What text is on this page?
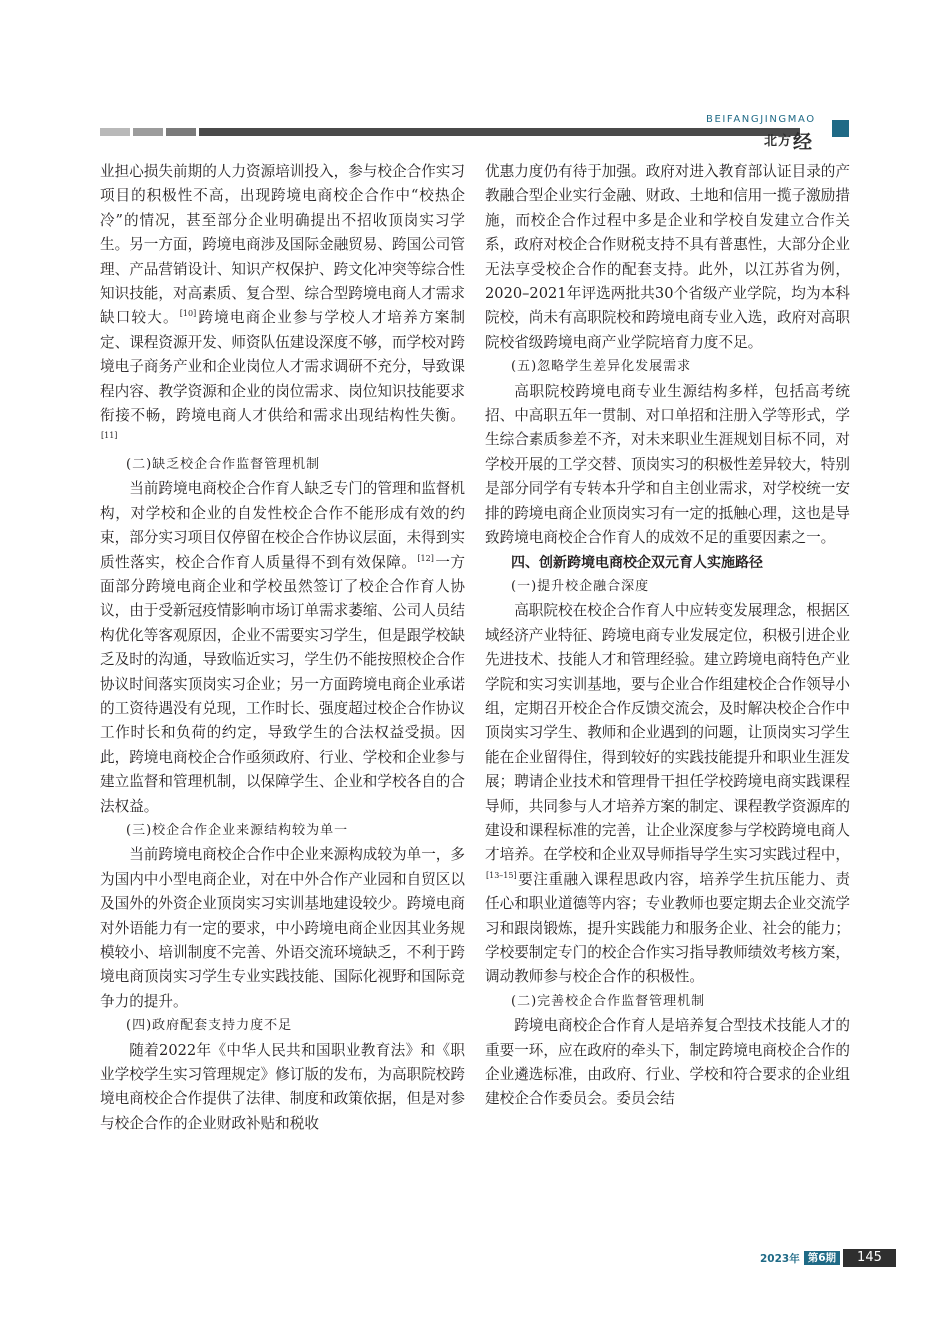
BEIFANGJINGMAO
北方经

业担心损失前期的人力资源培训投入，参与校企合作实习项目的积极性不高，出现跨境电商校企合作中“校热企冷”的情况，甚至部分企业明确提出不招收顶岗实习学生。另一方面，跨境电商涉及国际金融贸易、跨国公司管理、产品营销设计、知识产权保护、跨文化冲突等综合性知识技能，对高素质、复合型、综合型跨境电商人才需求缺口较大。[10]跨境电商企业参与学校人才培养方案制定、课程资源开发、师资队伍建设深度不够，而学校对跨境电子商务产业和企业岗位人才需求调研不充分，导致课程内容、教学资源和企业的岗位需求、岗位知识技能要求衔接不畅，跨境电商人才供给和需求出现结构性失衡。[11]

(二)缺乏校企合作监督管理机制

当前跨境电商校企合作育人缺乏专门的管理和监督机构，对学校和企业的自发性校企合作不能形成有效的约束，部分实习项目仅停留在校企合作协议层面，未得到实质性落实，校企合作育人质量得不到有效保障。[12]一方面部分跨境电商企业和学校虽然签订了校企合作育人协议，由于受新冠疫情影响市场订单需求萎缩、公司人员结构优化等客观原因，企业不需要实习学生，但是跟学校缺乏及时的沟通，导致临近实习，学生仍不能按照校企合作协议时间落实顶岗实习企业；另一方面跨境电商企业承诺的工资待遇没有兑现，工作时长、强度超过校企合作协议工作时长和负荷的约定，导致学生的合法权益受损。因此，跨境电商校企合作亟须政府、行业、学校和企业参与建立监督和管理机制，以保障学生、企业和学校各自的合法权益。

(三)校企合作企业来源结构较为单一

当前跨境电商校企合作中企业来源构成较为单一，多为国内中小型电商企业，对在中外合作产业园和自贸区以及国外的外资企业顶岗实习实训基地建设较少。跨境电商对外语能力有一定的要求，中小跨境电商企业因其业务规模较小、培训制度不完善、外语交流环境缺乏，不利于跨境电商顶岗实习学生专业实践技能、国际化视野和国际竞争力的提升。

(四)政府配套支持力度不足

随着2022年《中华人民共和国职业教育法》和《职业学校学生实习管理规定》修订版的发布，为高职院校跨境电商校企合作提供了法律、制度和政策依据，但是对参与校企合作的企业财政补贴和税收

优惠力度仍有待于加强。政府对进入教育部认证目录的产教融合型企业实行金融、财政、土地和信用一揽子激励措施，而校企合作过程中多是企业和学校自发建立合作关系，政府对校企合作财税支持不具有普惠性，大部分企业无法享受校企合作的配套支持。此外，以江苏省为例，2020–2021年评选两批共30个省级产业学院，均为本科院校，尚未有高职院校和跨境电商专业入选，政府对高职院校省级跨境电商产业学院培育力度不足。

(五)忽略学生差异化发展需求

高职院校跨境电商专业生源结构多样，包括高考统招、中高职五年一贯制、对口单招和注册入学等形式，学生综合素质参差不齐，对未来职业生涯规划目标不同，对学校开展的工学交替、顶岗实习的积极性差异较大，特别是部分同学有专转本升学和自主创业需求，对学校统一安排的跨境电商企业顶岗实习有一定的抵触心理，这也是导致跨境电商校企合作育人的成效不足的重要因素之一。

四、创新跨境电商校企双元育人实施路径
(一)提升校企融合深度

高职院校在校企合作育人中应转变发展理念，根据区域经济产业特征、跨境电商专业发展定位，积极引进企业先进技术、技能人才和管理经验。建立跨境电商特色产业学院和实习实训基地，要与企业合作组建校企合作领导小组，定期召开校企合作反馈交流会，及时解决校企合作中顶岗实习学生、教师和企业遇到的问题，让顶岗实习学生能在企业留得住，得到较好的实践技能提升和职业生涯发展；聘请企业技术和管理骨干担任学校跨境电商实践课程导师，共同参与人才培养方案的制定、课程教学资源库的建设和课程标准的完善，让企业深度参与学校跨境电商人才培养。在学校和企业双导师指导学生实习实践过程中，[13–15]要注重融入课程思政内容，培养学生抗压能力、责任心和职业道德等内容；专业教师也要定期去企业交流学习和跟岗锻炼，提升实践能力和服务企业、社会的能力；学校要制定专门的校企合作实习指导教师绩效考核方案，调动教师参与校企合作的积极性。

(二)完善校企合作监督管理机制

跨境电商校企合作育人是培养复合型技术技能人才的重要一环，应在政府的牵头下，制定跨境电商校企合作的企业遴选标准，由政府、行业、学校和符合要求的企业组建校企合作委员会。委员会结

2023年 第6期	145
